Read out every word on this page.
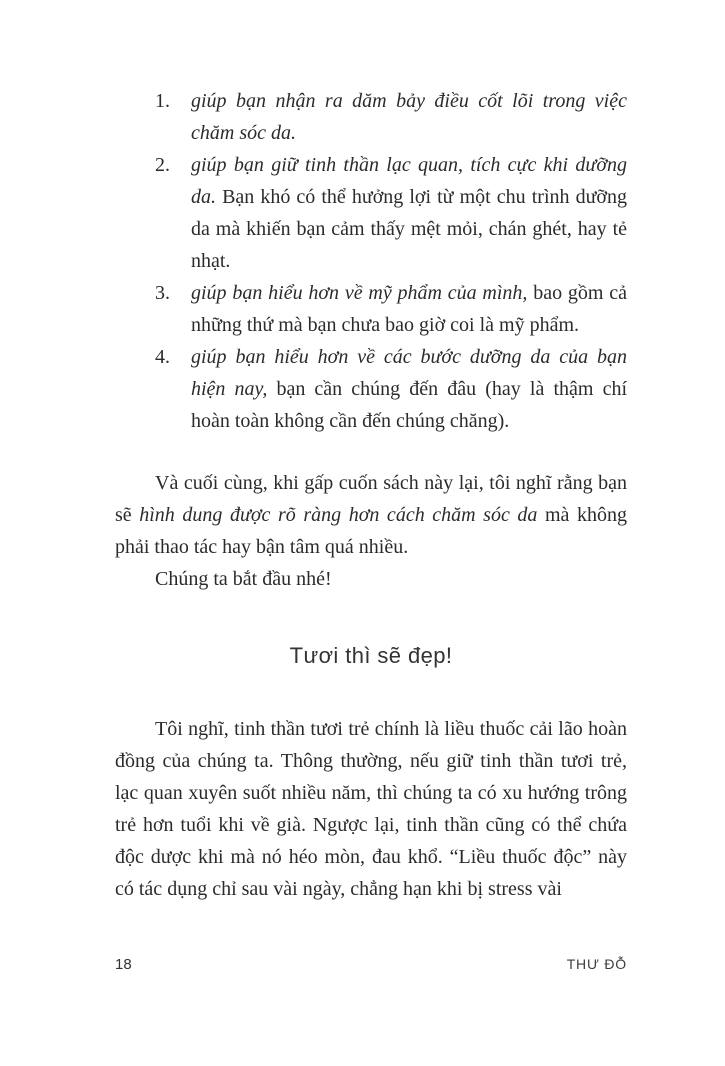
1.	giúp bạn nhận ra dăm bảy điều cốt lõi trong việc chăm sóc da.
2.	giúp bạn giữ tinh thần lạc quan, tích cực khi dưỡng da. Bạn khó có thể hưởng lợi từ một chu trình dưỡng da mà khiến bạn cảm thấy mệt mỏi, chán ghét, hay tẻ nhạt.
3.	giúp bạn hiểu hơn về mỹ phẩm của mình, bao gồm cả những thứ mà bạn chưa bao giờ coi là mỹ phẩm.
4.	giúp bạn hiểu hơn về các bước dưỡng da của bạn hiện nay, bạn cần chúng đến đâu (hay là thậm chí hoàn toàn không cần đến chúng chăng).

Và cuối cùng, khi gấp cuốn sách này lại, tôi nghĩ rằng bạn sẽ hình dung được rõ ràng hơn cách chăm sóc da mà không phải thao tác hay bận tâm quá nhiều.

Chúng ta bắt đầu nhé!

Tươi thì sẽ đẹp!

Tôi nghĩ, tinh thần tươi trẻ chính là liều thuốc cải lão hoàn đồng của chúng ta. Thông thường, nếu giữ tinh thần tươi trẻ, lạc quan xuyên suốt nhiều năm, thì chúng ta có xu hướng trông trẻ hơn tuổi khi về già. Ngược lại, tinh thần cũng có thể chứa độc dược khi mà nó héo mòn, đau khổ. “Liều thuốc độc” này có tác dụng chỉ sau vài ngày, chẳng hạn khi bị stress vài

18	THƯ ĐỖ
